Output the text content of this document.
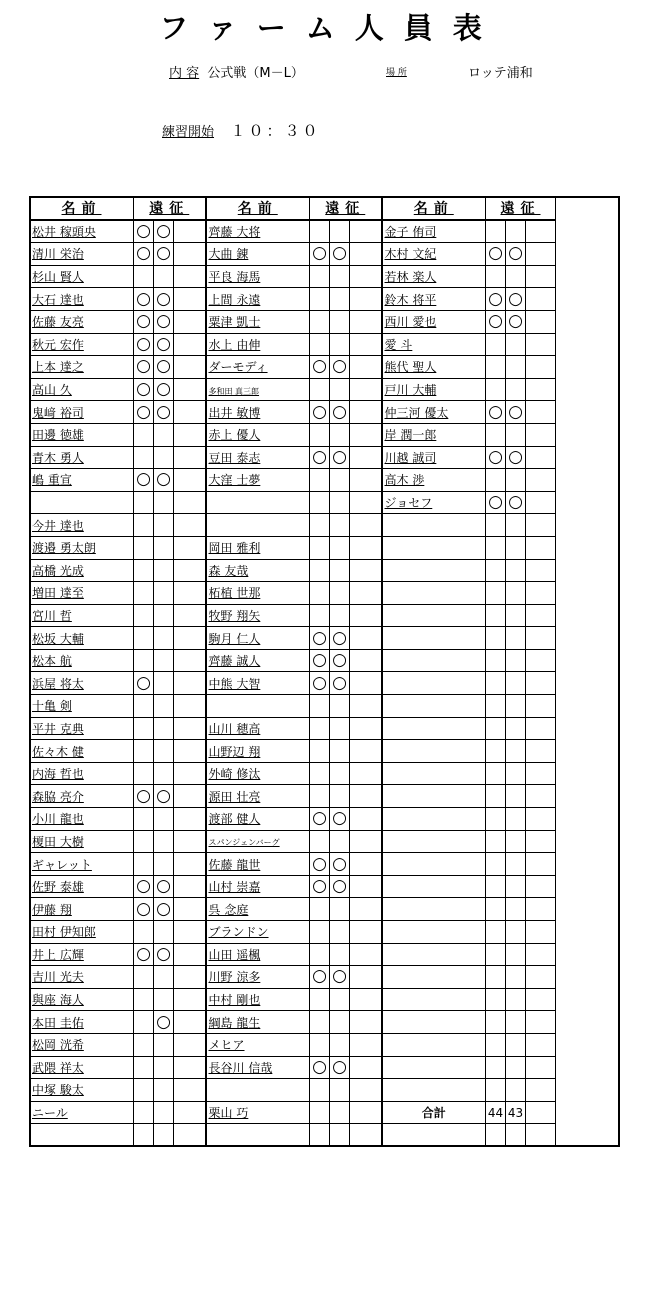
ファーム人員表
内 容 公式戦（M－L）	場 所	ロッテ浦和
練習開始 １０：３０
名前	遠征			名前	遠征			名前	遠征		
松井 稼頭央	○	○		齊藤 大将				金子 侑司			
清川 栄治	○	○		大曲 錬	○	○		木村 文紀	○	○	
杉山 賢人				平良 海馬				若林 楽人			
大石 達也	○	○		上間 永遠				鈴木 将平	○	○	
佐藤 友亮	○	○		粟津 凱士				西川 愛也	○	○	
秋元 宏作	○	○		水上 由伸				愛 斗			
上本 達之	○	○		ダーモディ	○	○		熊代 聖人			
高山 久	○	○		多和田 真三郎				戸川 大輔			
鬼﨑 裕司	○	○		出井 敏博	○	○		仲三河 優太	○	○	
田邊 徳雄				赤上 優人				岸 潤一郎			
青木 勇人				豆田 泰志	○	○		川越 誠司	○	○	
嶋 重宣	○	○		大窪 士夢				高木 渉			
								ジョセフ	○	○	
今井 達也											
渡邉 勇太朗				岡田 雅利							
高橋 光成				森 友哉							
増田 達至				柘植 世那							
宮川 哲				牧野 翔矢							
松坂 大輔				駒月 仁人	○	○					
松本 航				齊藤 誠人	○	○					
浜屋 将太	○			中熊 大智	○	○					
十亀 剣											
平井 克典				山川 穂高							
佐々木 健				山野辺 翔							
内海 哲也				外崎 修汰							
森脇 亮介	○	○		源田 壮亮							
小川 龍也				渡部 健人	○	○					
榎田 大樹				スパンジェンバーグ							
ギャレット				佐藤 龍世	○	○					
佐野 泰雄	○	○		山村 崇嘉	○	○					
伊藤 翔	○	○		呉 念庭							
田村 伊知郎				ブランドン							
井上 広輝	○	○		山田 遥楓							
吉川 光夫				川野 涼多	○	○					
與座 海人				中村 剛也							
本田 圭佑		○		綱島 龍生							
松岡 洸希				メヒア							
武隈 祥太				長谷川 信哉	○	○					
中塚 駿太											
ニール				栗山 巧				合計	44	43	
